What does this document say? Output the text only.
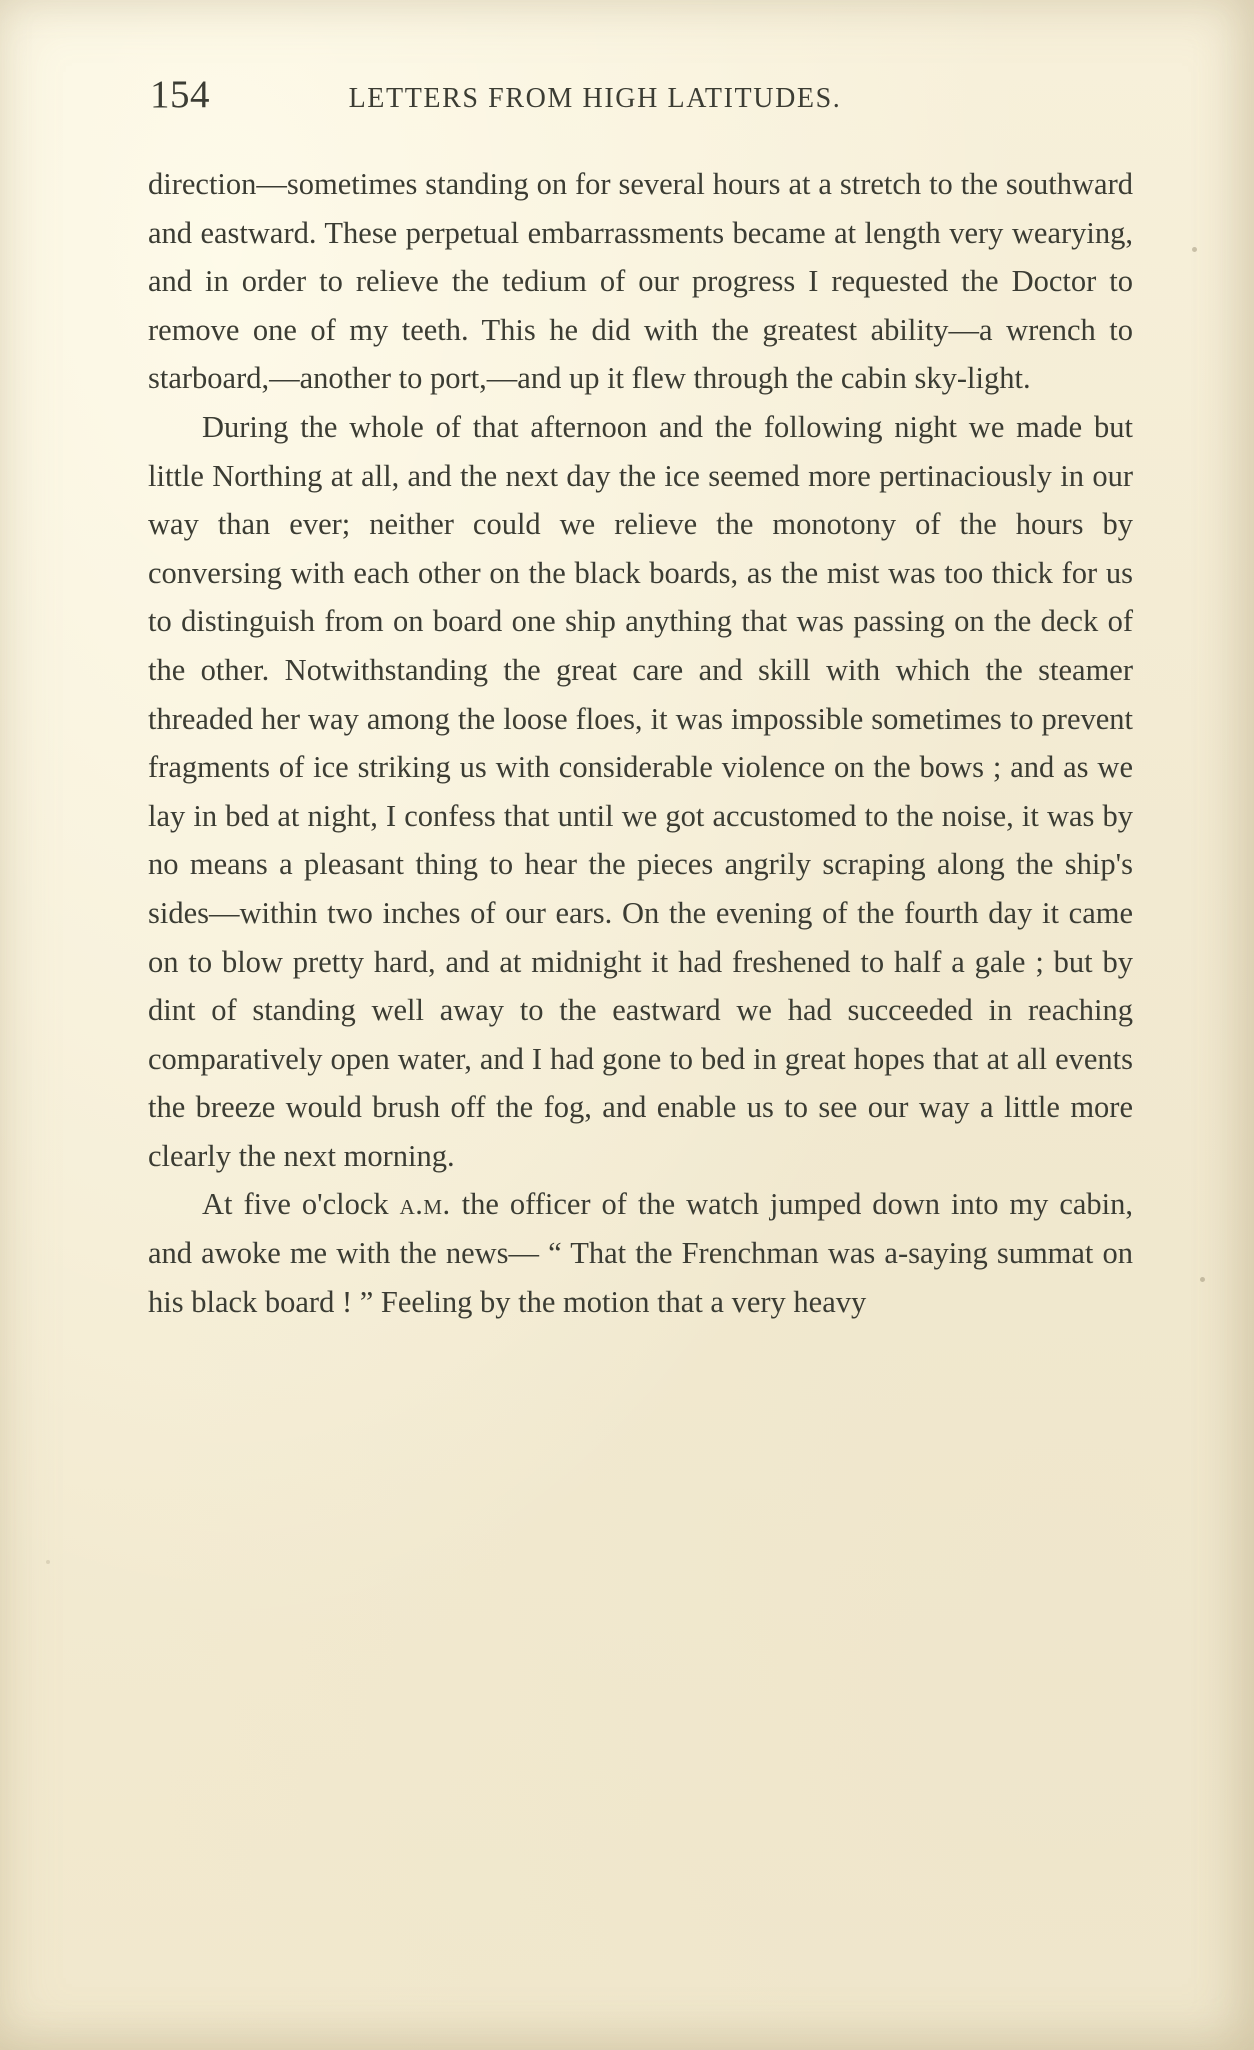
154	LETTERS FROM HIGH LATITUDES.

direction—sometimes standing on for several hours at a stretch to the southward and eastward. These perpetual embarrassments became at length very wearying, and in order to relieve the tedium of our progress I requested the Doctor to remove one of my teeth. This he did with the greatest ability—a wrench to starboard,—another to port,—and up it flew through the cabin sky-light.

During the whole of that afternoon and the following night we made but little Northing at all, and the next day the ice seemed more pertinaciously in our way than ever; neither could we relieve the monotony of the hours by conversing with each other on the black boards, as the mist was too thick for us to distinguish from on board one ship anything that was passing on the deck of the other. Notwithstanding the great care and skill with which the steamer threaded her way among the loose floes, it was impossible sometimes to prevent fragments of ice striking us with considerable violence on the bows ; and as we lay in bed at night, I confess that until we got accustomed to the noise, it was by no means a pleasant thing to hear the pieces angrily scraping along the ship's sides—within two inches of our ears. On the evening of the fourth day it came on to blow pretty hard, and at midnight it had freshened to half a gale ; but by dint of standing well away to the eastward we had succeeded in reaching comparatively open water, and I had gone to bed in great hopes that at all events the breeze would brush off the fog, and enable us to see our way a little more clearly the next morning.

At five o'clock a.m. the officer of the watch jumped down into my cabin, and awoke me with the news— “ That the Frenchman was a-saying summat on his black board ! ” Feeling by the motion that a very heavy
